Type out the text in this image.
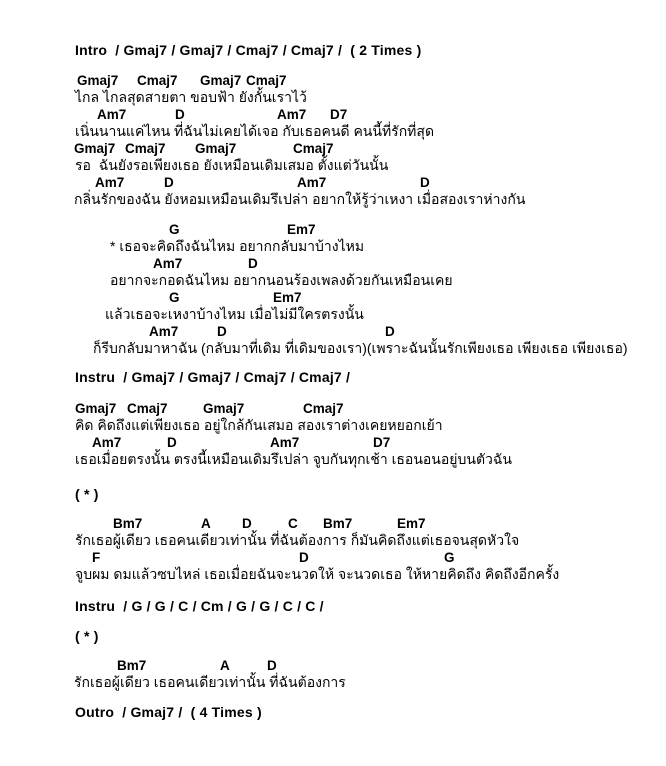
Intro  / Gmaj7 / Gmaj7 / Cmaj7 / Cmaj7 /  ( 2 Times )
Gmaj7 Cmaj7 Gmaj7 Cmaj7
ไกล ไกลสุดสายตา ขอบฟ้า ยังกั้นเราไว้
Am7	D	Am7 D7
เนิ่นนานแค่ไหน ที่ฉันไม่เคยได้เจอ กับเธอคนดี คนนี้ที่รักที่สุด
Gmaj7 Cmaj7 Gmaj7	Cmaj7
รอ  ฉันยังรอเพียงเธอ ยังเหมือนเดิมเสมอ ตั้งแต่วันนั้น
Am7	D	Am7	D
กลิ่นรักของฉัน ยังหอมเหมือนเดิมรึเปล่า อยากให้รู้ว่าเหงา เมื่อสองเราห่างกัน
G	Em7
* เธอจะคิดถึงฉันไหม อยากกลับมาบ้างไหม
Am7	D
อยากจะกอดฉันไหม อยากนอนร้องเพลงด้วยกันเหมือนเคย
G	Em7
แล้วเธอจะเหงาบ้างไหม เมื่อไม่มีใครตรงนั้น
Am7	D	D
ก็รีบกลับมาหาฉัน (กลับมาที่เดิม ที่เดิมของเรา)(เพราะฉันนั้นรักเพียงเธอ เพียงเธอ เพียงเธอ)
Instru  / Gmaj7 / Gmaj7 / Cmaj7 / Cmaj7 /
Gmaj7 Cmaj7	Gmaj7	Cmaj7
คิด คิดถึงแต่เพียงเธอ อยู่ใกล้กันเสมอ สองเราต่างเคยหยอกเย้า
Am7	D	Am7	D7
เธอเมื่อยตรงนั้น ตรงนี้เหมือนเดิมรึเปล่า จูบกันทุกเช้า เธอนอนอยู่บนตัวฉัน
( * )
Bm7	A D	C Bm7	Em7
รักเธอผู้เดียว เธอคนเดียวเท่านั้น ที่ฉันต้องการ ก็มันคิดถึงแต่เธอจนสุดหัวใจ
F	D	G
จูบผม ดมแล้วซบไหล่ เธอเมื่อยฉันจะนวดให้ จะนวดเธอ ให้หายคิดถึง คิดถึงอีกครั้ง
Instru  / G / G / C / Cm / G / G / C / C /
( * )
Bm7	A	D
รักเธอผู้เดียว เธอคนเดียวเท่านั้น ที่ฉันต้องการ
Outro  / Gmaj7 /  ( 4 Times )
